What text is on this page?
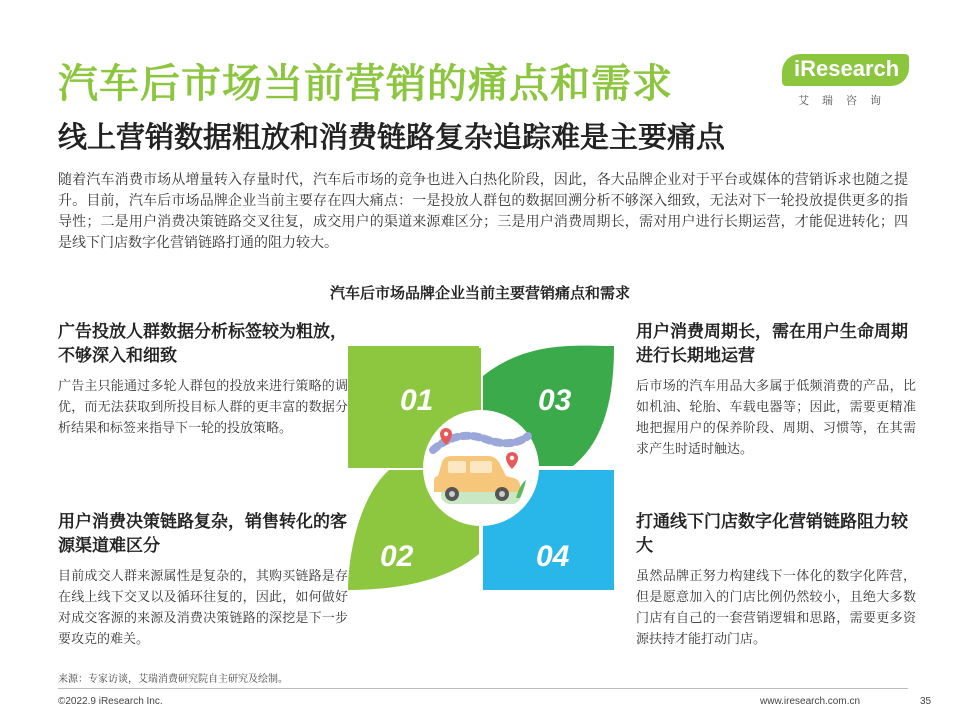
汽车后市场当前营销的痛点和需求
线上营销数据粗放和消费链路复杂追踪难是主要痛点
iResearch
艾瑞咨询
随着汽车消费市场从增量转入存量时代，汽车后市场的竞争也进入白热化阶段，因此，各大品牌企业对于平台或媒体的营销诉求也随之提升。目前，汽车后市场品牌企业当前主要存在四大痛点：一是投放人群包的数据回溯分析不够深入细致，无法对下一轮投放提供更多的指导性；二是用户消费决策链路交叉往复，成交用户的渠道来源难区分；三是用户消费周期长，需对用户进行长期运营，才能促进转化；四是线下门店数字化营销链路打通的阻力较大。
汽车后市场品牌企业当前主要营销痛点和需求
广告投放人群数据分析标签较为粗放，不够深入和细致

广告主只能通过多轮人群包的投放来进行策略的调优，而无法获取到所投目标人群的更丰富的数据分析结果和标签来指导下一轮的投放策略。

用户消费决策链路复杂，销售转化的客源渠道难区分

目前成交人群来源属性是复杂的，其购买链路是存在线上线下交叉以及循环往复的，因此，如何做好对成交客源的来源及消费决策链路的深挖是下一步要攻克的难关。

用户消费周期长，需在用户生命周期进行长期地运营

后市场的汽车用品大多属于低频消费的产品，比如机油、轮胎、车载电器等；因此，需要更精准地把握用户的保养阶段、周期、习惯等，在其需求产生时适时触达。

打通线下门店数字化营销链路阻力较大

虽然品牌正努力构建线下一体化的数字化阵营，但是愿意加入的门店比例仍然较小，且绝大多数门店有自己的一套营销逻辑和思路，需要更多资源扶持才能打动门店。

01	03
02	04
来源：专家访谈，艾瑞消费研究院自主研究及绘制。
©2022.9 iResearch Inc.	www.iresearch.com.cn	35
